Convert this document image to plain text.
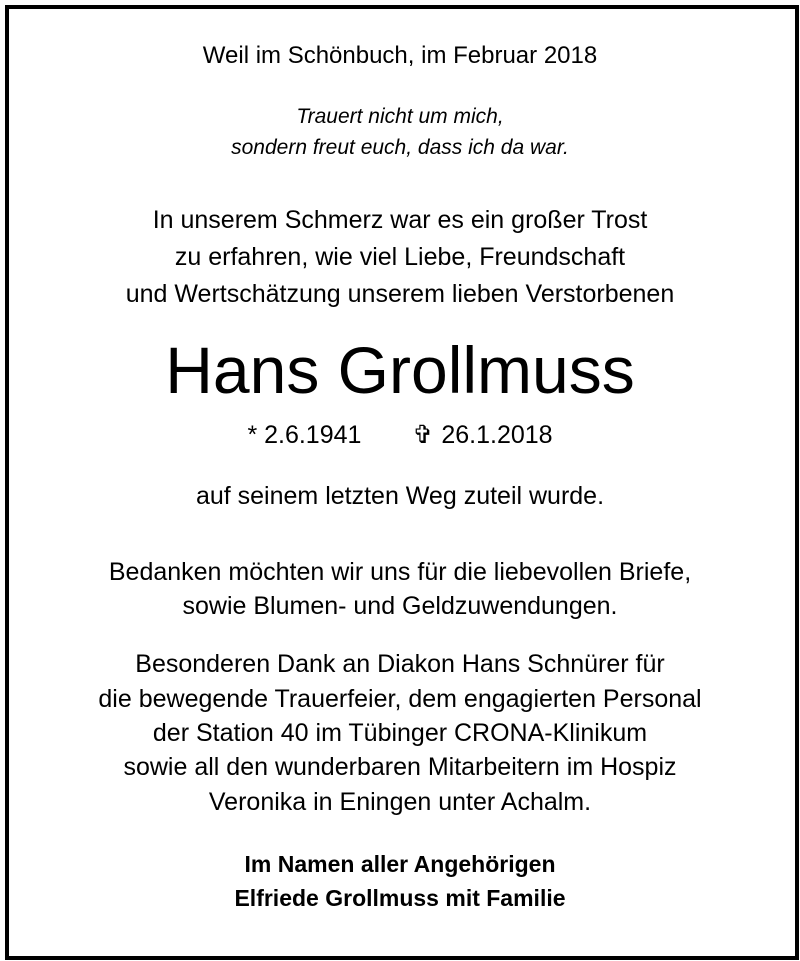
Weil im Schönbuch, im Februar 2018
Trauert nicht um mich,
sondern freut euch, dass ich da war.
In unserem Schmerz war es ein großer Trost
zu erfahren, wie viel Liebe, Freundschaft
und Wertschätzung unserem lieben Verstorbenen
Hans Grollmuss
* 2.6.1941 ✞ 26.1.2018
auf seinem letzten Weg zuteil wurde.
Bedanken möchten wir uns für die liebevollen Briefe,
sowie Blumen- und Geldzuwendungen.
Besonderen Dank an Diakon Hans Schnürer für
die bewegende Trauerfeier, dem engagierten Personal
der Station 40 im Tübinger CRONA-Klinikum
sowie all den wunderbaren Mitarbeitern im Hospiz
Veronika in Eningen unter Achalm.
Im Namen aller Angehörigen
Elfriede Grollmuss mit Familie
